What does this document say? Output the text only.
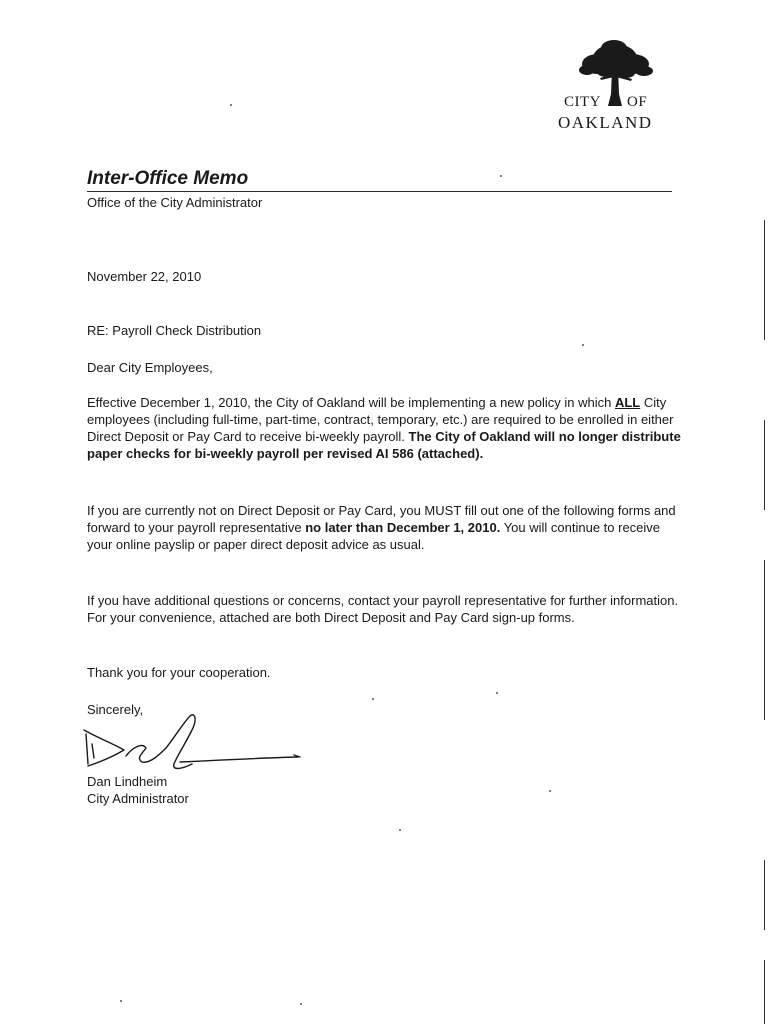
CITY OF
OAKLAND
Inter-Office Memo
Office of the City Administrator
November 22, 2010
RE: Payroll Check Distribution
Dear City Employees,
Effective December 1, 2010, the City of Oakland will be implementing a new policy in which ALL City employees (including full-time, part-time, contract, temporary, etc.) are required to be enrolled in either Direct Deposit or Pay Card to receive bi-weekly payroll. The City of Oakland will no longer distribute paper checks for bi-weekly payroll per revised AI 586 (attached).
If you are currently not on Direct Deposit or Pay Card, you MUST fill out one of the following forms and forward to your payroll representative no later than December 1, 2010. You will continue to receive your online payslip or paper direct deposit advice as usual.
If you have additional questions or concerns, contact your payroll representative for further information. For your convenience, attached are both Direct Deposit and Pay Card sign-up forms.
Thank you for your cooperation.
Sincerely,
Dan Lindheim
City Administrator
